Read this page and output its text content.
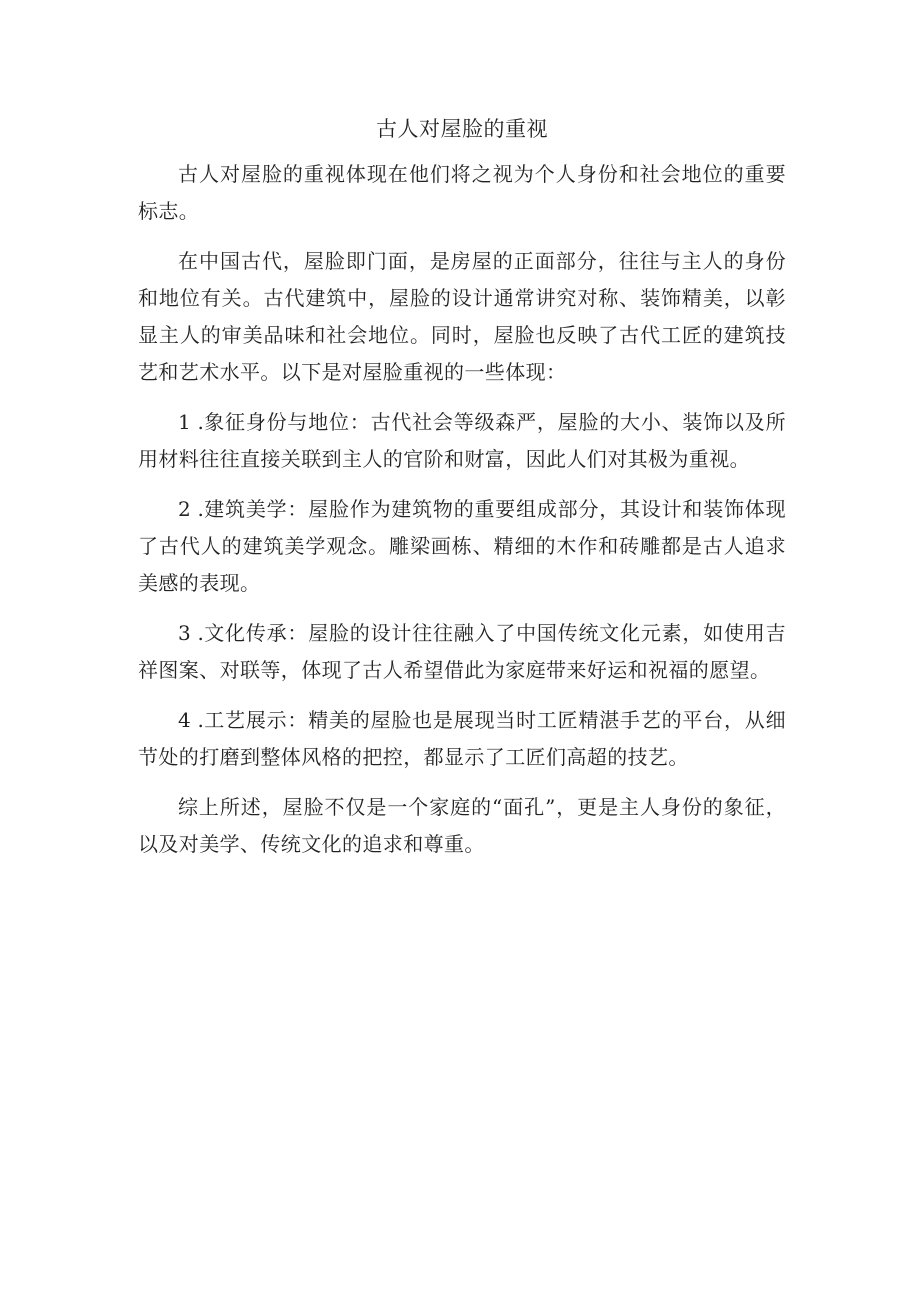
古人对屋脸的重视

古人对屋脸的重视体现在他们将之视为个人身份和社会地位的重要标志。

在中国古代，屋脸即门面，是房屋的正面部分，往往与主人的身份和地位有关。古代建筑中，屋脸的设计通常讲究对称、装饰精美，以彰显主人的审美品味和社会地位。同时，屋脸也反映了古代工匠的建筑技艺和艺术水平。以下是对屋脸重视的一些体现：

1 .象征身份与地位：古代社会等级森严，屋脸的大小、装饰以及所用材料往往直接关联到主人的官阶和财富，因此人们对其极为重视。

2 .建筑美学：屋脸作为建筑物的重要组成部分，其设计和装饰体现了古代人的建筑美学观念。雕梁画栋、精细的木作和砖雕都是古人追求美感的表现。

3 .文化传承：屋脸的设计往往融入了中国传统文化元素，如使用吉祥图案、对联等，体现了古人希望借此为家庭带来好运和祝福的愿望。

4 .工艺展示：精美的屋脸也是展现当时工匠精湛手艺的平台，从细节处的打磨到整体风格的把控，都显示了工匠们高超的技艺。

综上所述，屋脸不仅是一个家庭的“面孔”，更是主人身份的象征，以及对美学、传统文化的追求和尊重。
